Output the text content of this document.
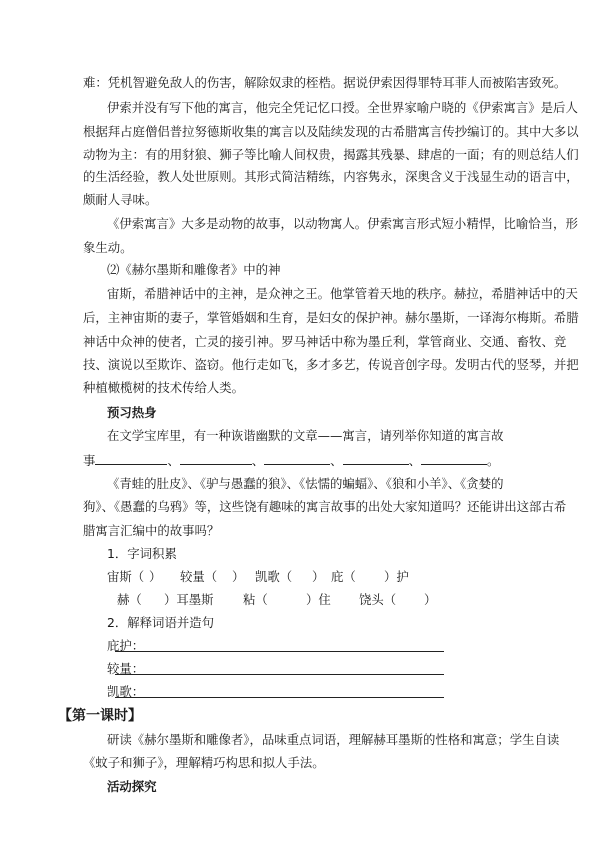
难：凭机智避免敌人的伤害，解除奴隶的桎梏。据说伊索因得罪特耳菲人而被陷害致死。
伊索并没有写下他的寓言，他完全凭记忆口授。全世界家喻户晓的《伊索寓言》是后人
根据拜占庭僧侣普拉努德斯收集的寓言以及陆续发现的古希腊寓言传抄编订的。其中大多以
动物为主：有的用豺狼、狮子等比喻人间权贵，揭露其残暴、肆虐的一面；有的则总结人们
的生活经验，教人处世原则。其形式简洁精练，内容隽永，深奥含义于浅显生动的语言中，
颇耐人寻味。
《伊索寓言》大多是动物的故事，以动物寓人。伊索寓言形式短小精悍，比喻恰当，形
象生动。
⑵《赫尔墨斯和雕像者》中的神
宙斯，希腊神话中的主神，是众神之王。他掌管着天地的秩序。赫拉，希腊神话中的天
后，主神宙斯的妻子，掌管婚姻和生育，是妇女的保护神。赫尔墨斯，一译海尔梅斯。希腊
神话中众神的使者，亡灵的接引神。罗马神话中称为墨丘利，掌管商业、交通、畜牧、竞
技、演说以至欺诈、盗窃。他行走如飞，多才多艺，传说音创字母。发明古代的竖琴，并把
种植橄榄树的技术传给人类。
预习热身
在文学宝库里，有一种诙谐幽默的文章——寓言，请列举你知道的寓言故
事	、	、	、	、	。
《青蛙的肚皮》、《驴与愚蠢的狼》、《怯懦的蝙蝠》、《狼和小羊》、《贪婪的
狗》、《愚蠢的乌鸦》等，这些饶有趣味的寓言故事的出处大家知道吗？还能讲出这部古希
腊寓言汇编中的故事吗？
1．字词积累
宙斯（ ） 较量（ ） 凯歌（ ） 庇（ ）护
赫（ ）耳墨斯 粘（	）住 饶头（ ）
2．解释词语并造句
庇护：
较量：
凯歌：
【第一课时】
研读《赫尔墨斯和雕像者》，品味重点词语，理解赫耳墨斯的性格和寓意；学生自读
《蚊子和狮子》，理解精巧构思和拟人手法。
活动探究
